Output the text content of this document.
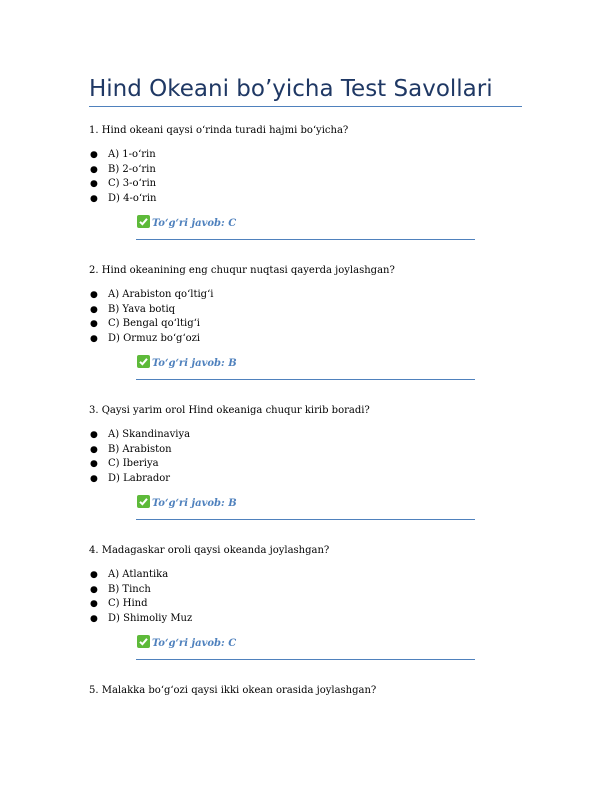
Hind Okeani bo’yicha Test Savollari

1. Hind okeani qaysi o‘rinda turadi hajmi bo‘yicha?

● A) 1-o‘rin
● B) 2-o‘rin
● C) 3-o‘rin
● D) 4-o‘rin
To‘g‘ri javob: C

2. Hind okeanining eng chuqur nuqtasi qayerda joylashgan?

● A) Arabiston qo‘ltig‘i
● B) Yava botiq
● C) Bengal qo‘ltig‘i
● D) Ormuz bo‘g‘ozi
To‘g‘ri javob: B

3. Qaysi yarim orol Hind okeaniga chuqur kirib boradi?

● A) Skandinaviya
● B) Arabiston
● C) Iberiya
● D) Labrador
To‘g‘ri javob: B

4. Madagaskar oroli qaysi okeanda joylashgan?

● A) Atlantika
● B) Tinch
● C) Hind
● D) Shimoliy Muz
To‘g‘ri javob: C

5. Malakka bo‘g‘ozi qaysi ikki okean orasida joylashgan?
